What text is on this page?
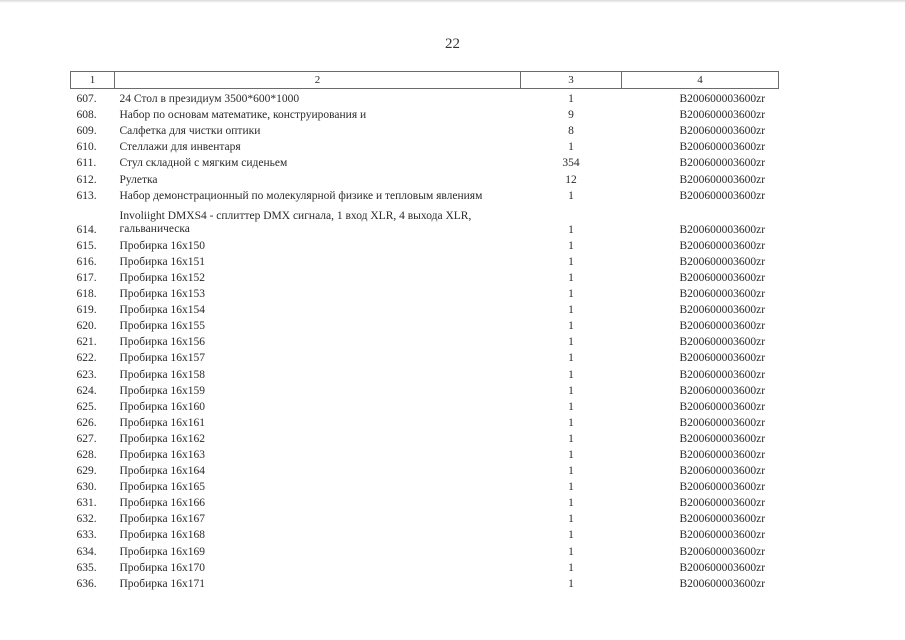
22
1	2	3	4
607.	24 Стол в президиум 3500*600*1000	1	B200600003600zr
608.	Набор по основам математике, конструирования и	9	B200600003600zr
609.	Салфетка для чистки оптики	8	B200600003600zr
610.	Стеллажи для инвентаря	1	B200600003600zr
611.	Стул складной с мягким сиденьем	354	B200600003600zr
612.	Рулетка	12	B200600003600zr
613.	Набор демонстрационный по молекулярной физике и тепловым явлениям	1	B200600003600zr
614.	Involiight DMXS4 - сплиттер DMX сигнала, 1 вход XLR, 4 выхода XLR, гальваническа	1	B200600003600zr
615.	Пробирка 16х150	1	B200600003600zr
616.	Пробирка 16х151	1	B200600003600zr
617.	Пробирка 16х152	1	B200600003600zr
618.	Пробирка 16х153	1	B200600003600zr
619.	Пробирка 16х154	1	B200600003600zr
620.	Пробирка 16х155	1	B200600003600zr
621.	Пробирка 16х156	1	B200600003600zr
622.	Пробирка 16х157	1	B200600003600zr
623.	Пробирка 16х158	1	B200600003600zr
624.	Пробирка 16х159	1	B200600003600zr
625.	Пробирка 16х160	1	B200600003600zr
626.	Пробирка 16х161	1	B200600003600zr
627.	Пробирка 16х162	1	B200600003600zr
628.	Пробирка 16х163	1	B200600003600zr
629.	Пробирка 16х164	1	B200600003600zr
630.	Пробирка 16х165	1	B200600003600zr
631.	Пробирка 16х166	1	B200600003600zr
632.	Пробирка 16х167	1	B200600003600zr
633.	Пробирка 16х168	1	B200600003600zr
634.	Пробирка 16х169	1	B200600003600zr
635.	Пробирка 16х170	1	B200600003600zr
636.	Пробирка 16х171	1	B200600003600zr
